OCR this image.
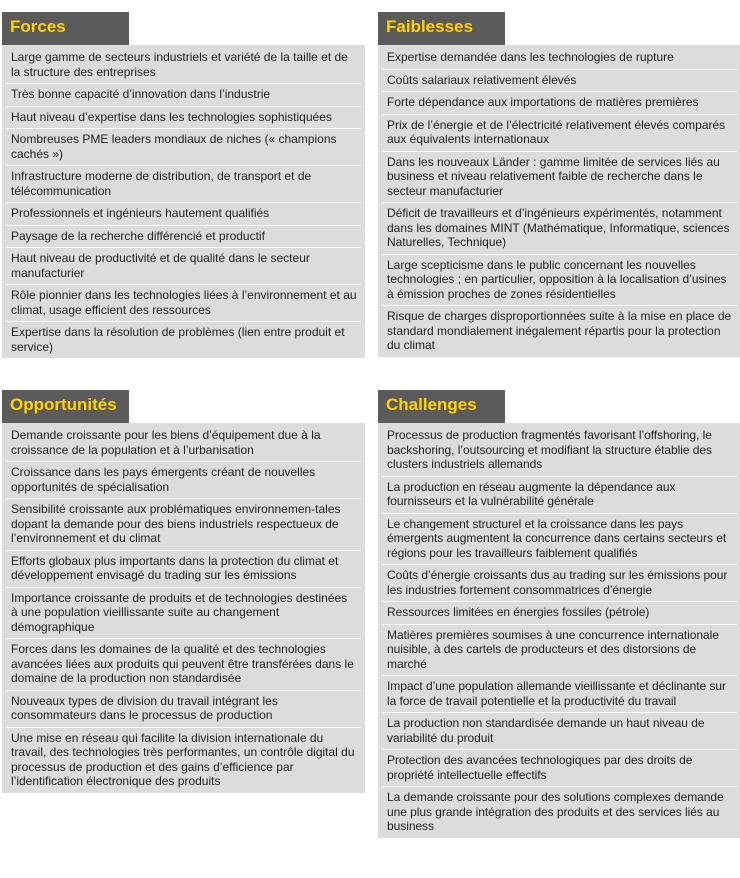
Forces
Large gamme de secteurs industriels et variété de la taille et de la structure des entreprises
Très bonne capacité d’innovation dans l’industrie
Haut niveau d’expertise dans les technologies sophistiquées
Nombreuses PME leaders mondiaux de niches (« champions cachés »)
Infrastructure moderne de distribution, de transport et de télécommunication
Professionnels et ingénieurs hautement qualifiés
Paysage de la recherche différencié et productif
Haut niveau de productivité et de qualité dans le secteur manufacturier
Rôle pionnier dans les technologies liées à l’environnement et au climat, usage efficient des ressources
Expertise dans la résolution de problèmes (lien entre produit et service)
Faiblesses
Expertise demandée dans les technologies de rupture
Coûts salariaux relativement élevés
Forte dépendance aux importations de matières premières
Prix de l’énergie et de l’électricité relativement élevés comparés aux équivalents internationaux
Dans les nouveaux Länder : gamme limitée de services liés au business et niveau relativement faible de recherche dans le secteur manufacturier
Déficit de travailleurs et d’ingénieurs expérimentés, notamment dans les domaines MINT (Mathématique, Informatique, sciences Naturelles, Technique)
Large scepticisme dans le public concernant les nouvelles technologies ; en particulier, opposition à la localisation d’usines à émission proches de zones résidentielles
Risque de charges disproportionnées suite à la mise en place de standard mondialement inégalement répartis pour la protection du climat
Opportunités
Demande croissante pour les biens d’équipement due à la croissance de la population et à l’urbanisation
Croissance dans les pays émergents créant de nouvelles opportunités de spécialisation
Sensibilité croissante aux problématiques environnemen-tales dopant la demande pour des biens industriels respectueux de l’environnement et du climat
Efforts globaux plus importants dans la protection du climat et développement envisagé du trading sur les émissions
Importance croissante de produits et de technologies destinées à une population vieillissante suite au changement démographique
Forces dans les domaines de la qualité et des technologies avancées liées aux produits qui peuvent être transférées dans le domaine de la production non standardisée
Nouveaux types de division du travail intégrant les consommateurs dans le processus de production
Une mise en réseau qui facilite la division internationale du travail, des technologies très performantes, un contrôle digital du processus de production et des gains d’efficience par l’identification électronique des produits
Challenges
Processus de production fragmentés favorisant l’offshoring, le backshoring, l’outsourcing et modifiant la structure établie des clusters industriels allemands
La production en réseau augmente la dépendance aux fournisseurs et la vulnérabilité générale
Le changement structurel et la croissance dans les pays émergents augmentent la concurrence dans certains secteurs et régions pour les travailleurs faiblement qualifiés
Coûts d’énergie croissants dus au trading sur les émissions pour les industries fortement consommatrices d’énergie
Ressources limitées en énergies fossiles (pétrole)
Matières premières soumises à une concurrence internationale nuisible, à des cartels de producteurs et des distorsions de marché
Impact d’une population allemande vieillissante et déclinante sur la force de travail potentielle et la productivité du travail
La production non standardisée demande un haut niveau de variabilité du produit
Protection des avancées technologiques par des droits de propriété intellectuelle effectifs
La demande croissante pour des solutions complexes demande une plus grande intégration des produits et des services liés au business
